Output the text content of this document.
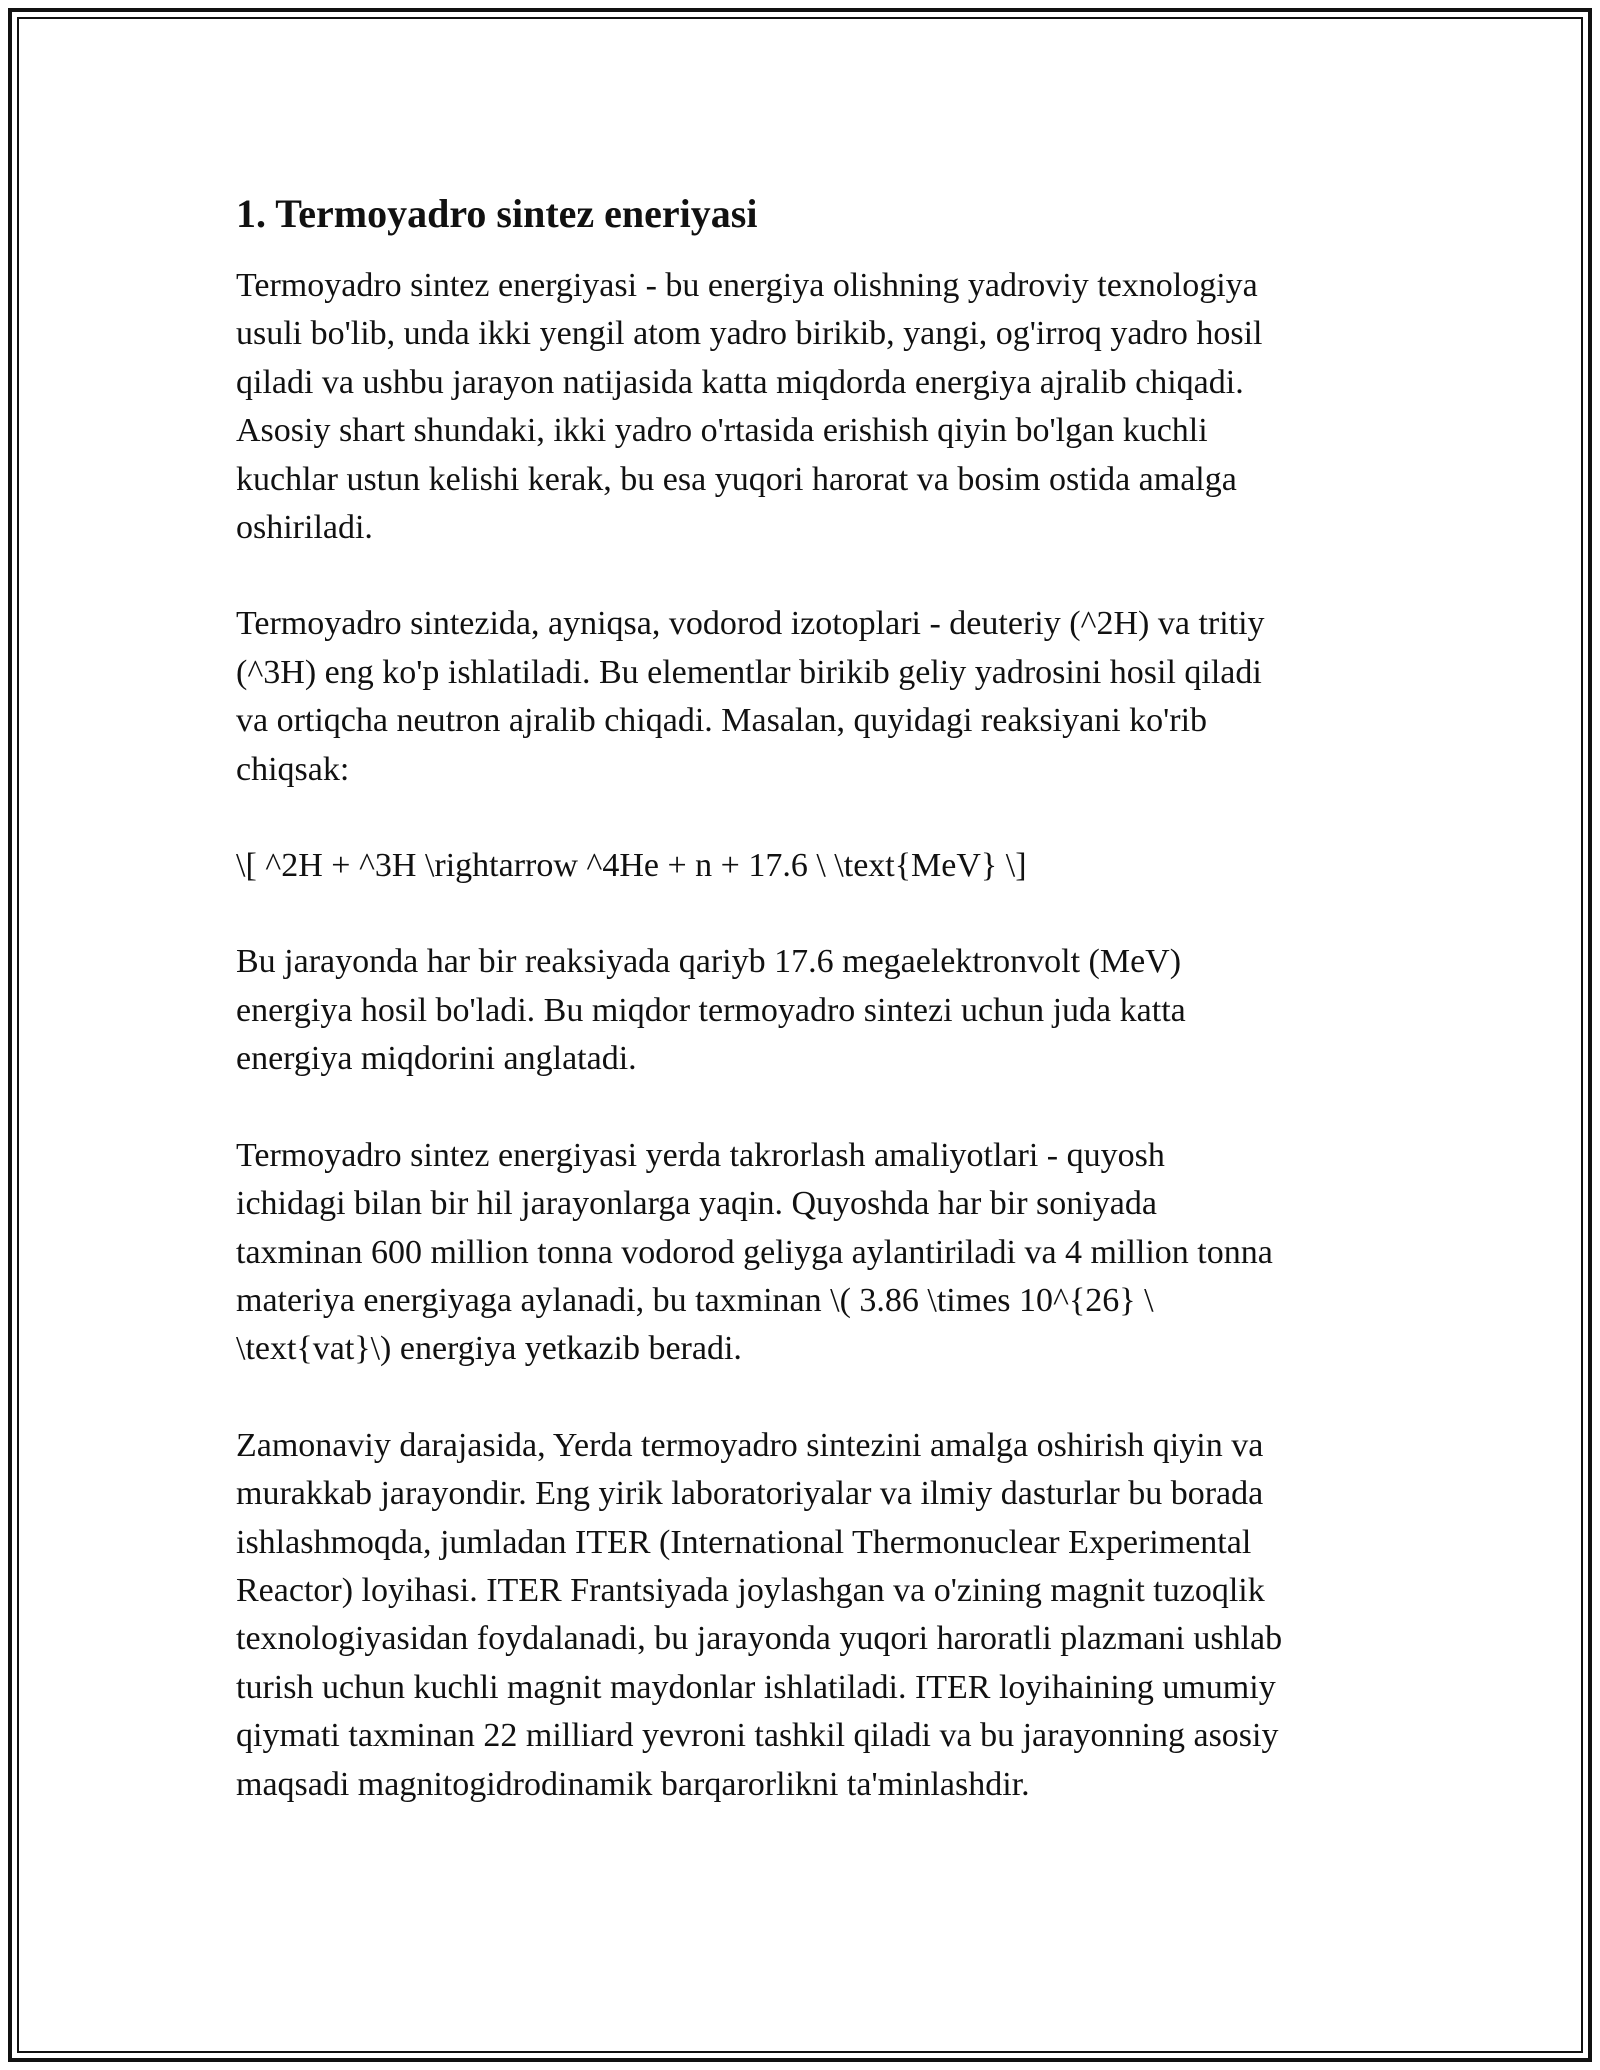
1. Termoyadro sintez eneriyasi

Termoyadro sintez energiyasi - bu energiya olishning yadroviy texnologiya
usuli bo'lib, unda ikki yengil atom yadro birikib, yangi, og'irroq yadro hosil
qiladi va ushbu jarayon natijasida katta miqdorda energiya ajralib chiqadi.
Asosiy shart shundaki, ikki yadro o'rtasida erishish qiyin bo'lgan kuchli
kuchlar ustun kelishi kerak, bu esa yuqori harorat va bosim ostida amalga
oshiriladi.

Termoyadro sintezida, ayniqsa, vodorod izotoplari - deuteriy (^2H) va tritiy
(^3H) eng ko'p ishlatiladi. Bu elementlar birikib geliy yadrosini hosil qiladi
va ortiqcha neutron ajralib chiqadi. Masalan, quyidagi reaksiyani ko'rib
chiqsak:

\[ ^2H + ^3H \rightarrow ^4He + n + 17.6 \ \text{MeV} \]

Bu jarayonda har bir reaksiyada qariyb 17.6 megaelektronvolt (MeV)
energiya hosil bo'ladi. Bu miqdor termoyadro sintezi uchun juda katta
energiya miqdorini anglatadi.

Termoyadro sintez energiyasi yerda takrorlash amaliyotlari - quyosh
ichidagi bilan bir hil jarayonlarga yaqin. Quyoshda har bir soniyada
taxminan 600 million tonna vodorod geliyga aylantiriladi va 4 million tonna
materiya energiyaga aylanadi, bu taxminan \( 3.86 \times 10^{26} \
\text{vat}\) energiya yetkazib beradi.

Zamonaviy darajasida, Yerda termoyadro sintezini amalga oshirish qiyin va
murakkab jarayondir. Eng yirik laboratoriyalar va ilmiy dasturlar bu borada
ishlashmoqda, jumladan ITER (International Thermonuclear Experimental
Reactor) loyihasi. ITER Frantsiyada joylashgan va o'zining magnit tuzoqlik
texnologiyasidan foydalanadi, bu jarayonda yuqori haroratli plazmani ushlab
turish uchun kuchli magnit maydonlar ishlatiladi. ITER loyihaining umumiy
qiymati taxminan 22 milliard yevroni tashkil qiladi va bu jarayonning asosiy
maqsadi magnitogidrodinamik barqarorlikni ta'minlashdir.
